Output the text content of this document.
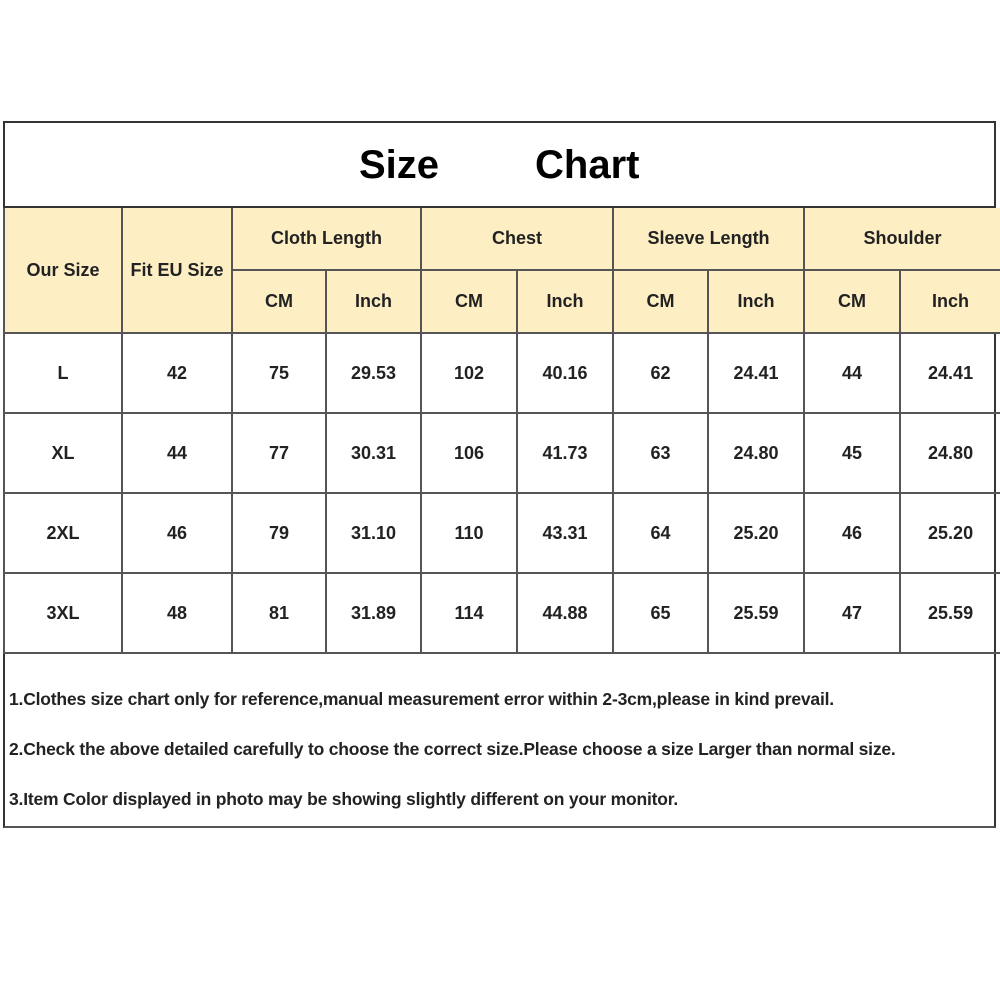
Size Chart
Our Size	Fit EU Size	Cloth Length		Chest		Sleeve Length		Shoulder	
		CM	Inch	CM	Inch	CM	Inch	CM	Inch
L	42	75	29.53	102	40.16	62	24.41	44	24.41
XL	44	77	30.31	106	41.73	63	24.80	45	24.80
2XL	46	79	31.10	110	43.31	64	25.20	46	25.20
3XL	48	81	31.89	114	44.88	65	25.59	47	25.59
1.Clothes size chart only for reference,manual measurement error within 2-3cm,please in kind prevail.
2.Check the above detailed carefully to choose the correct size.Please choose a size Larger than normal size.
3.Item Color displayed in photo may be showing slightly different on your monitor.
